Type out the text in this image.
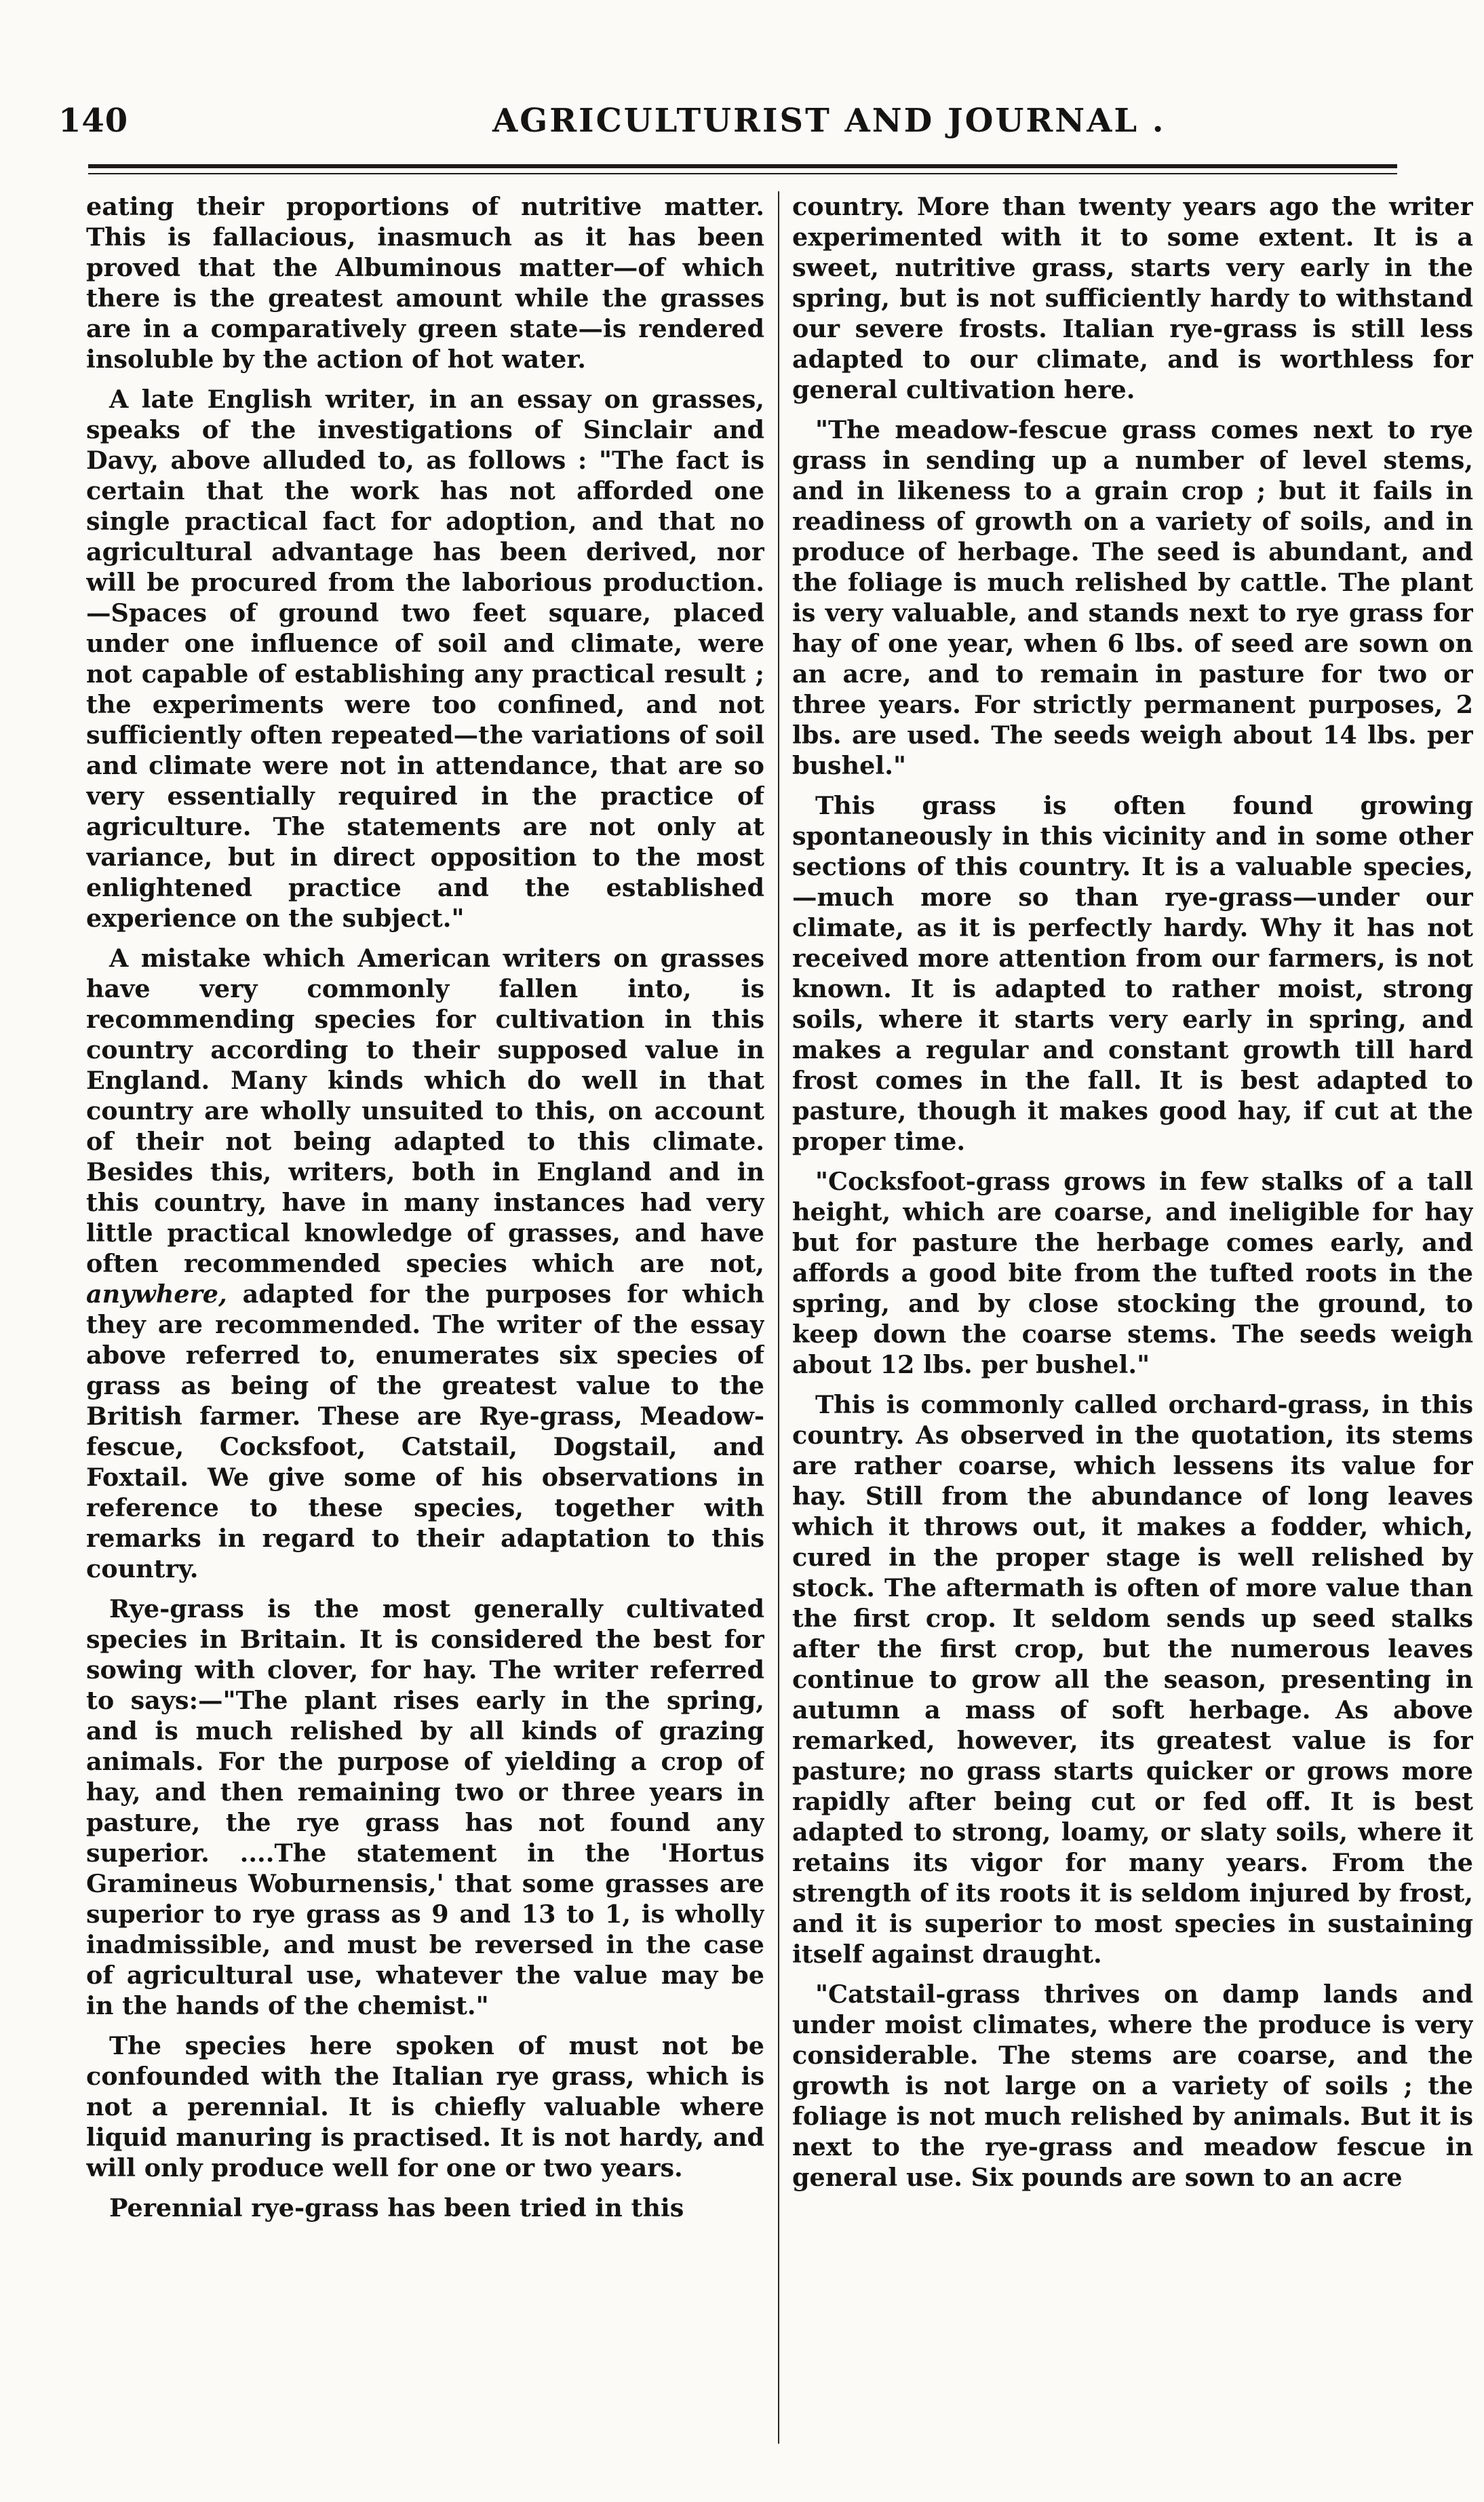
140	AGRICULTURIST AND JOURNAL .

eating their proportions of nutritive matter. This is fallacious, inasmuch as it has been proved that the Albuminous matter—of which there is the greatest amount while the grasses are in a comparatively green state—is rendered insoluble by the action of hot water.

A late English writer, in an essay on grasses, speaks of the investigations of Sinclair and Davy, above alluded to, as follows : "The fact is certain that the work has not afforded one single practical fact for adoption, and that no agricultural advantage has been derived, nor will be procured from the laborious production.—Spaces of ground two feet square, placed under one influence of soil and climate, were not capable of establishing any practical result ; the experiments were too confined, and not sufficiently often repeated—the variations of soil and climate were not in attendance, that are so very essentially required in the practice of agriculture. The statements are not only at variance, but in direct opposition to the most enlightened practice and the established experience on the subject."

A mistake which American writers on grasses have very commonly fallen into, is recommending species for cultivation in this country according to their supposed value in England. Many kinds which do well in that country are wholly unsuited to this, on account of their not being adapted to this climate. Besides this, writers, both in England and in this country, have in many instances had very little practical knowledge of grasses, and have often recommended species which are not, anywhere, adapted for the purposes for which they are recommended. The writer of the essay above referred to, enumerates six species of grass as being of the greatest value to the British farmer. These are Rye-grass, Meadow-fescue, Cocksfoot, Catstail, Dogstail, and Foxtail. We give some of his observations in reference to these species, together with remarks in regard to their adaptation to this country.

Rye-grass is the most generally cultivated species in Britain. It is considered the best for sowing with clover, for hay. The writer referred to says:—"The plant rises early in the spring, and is much relished by all kinds of grazing animals. For the purpose of yielding a crop of hay, and then remaining two or three years in pasture, the rye grass has not found any superior. ....The statement in the 'Hortus Gramineus Woburnensis,' that some grasses are superior to rye grass as 9 and 13 to 1, is wholly inadmissible, and must be reversed in the case of agricultural use, whatever the value may be in the hands of the chemist."

The species here spoken of must not be confounded with the Italian rye grass, which is not a perennial. It is chiefly valuable where liquid manuring is practised. It is not hardy, and will only produce well for one or two years.

Perennial rye-grass has been tried in this

country. More than twenty years ago the writer experimented with it to some extent. It is a sweet, nutritive grass, starts very early in the spring, but is not sufficiently hardy to withstand our severe frosts. Italian rye-grass is still less adapted to our climate, and is worthless for general cultivation here.

"The meadow-fescue grass comes next to rye grass in sending up a number of level stems, and in likeness to a grain crop ; but it fails in readiness of growth on a variety of soils, and in produce of herbage. The seed is abundant, and the foliage is much relished by cattle. The plant is very valuable, and stands next to rye grass for hay of one year, when 6 lbs. of seed are sown on an acre, and to remain in pasture for two or three years. For strictly permanent purposes, 2 lbs. are used. The seeds weigh about 14 lbs. per bushel."

This grass is often found growing spontaneously in this vicinity and in some other sections of this country. It is a valuable species,—much more so than rye-grass—under our climate, as it is perfectly hardy. Why it has not received more attention from our farmers, is not known. It is adapted to rather moist, strong soils, where it starts very early in spring, and makes a regular and constant growth till hard frost comes in the fall. It is best adapted to pasture, though it makes good hay, if cut at the proper time.

"Cocksfoot-grass grows in few stalks of a tall height, which are coarse, and ineligible for hay but for pasture the herbage comes early, and affords a good bite from the tufted roots in the spring, and by close stocking the ground, to keep down the coarse stems. The seeds weigh about 12 lbs. per bushel."

This is commonly called orchard-grass, in this country. As observed in the quotation, its stems are rather coarse, which lessens its value for hay. Still from the abundance of long leaves which it throws out, it makes a fodder, which, cured in the proper stage is well relished by stock. The aftermath is often of more value than the first crop. It seldom sends up seed stalks after the first crop, but the numerous leaves continue to grow all the season, presenting in autumn a mass of soft herbage. As above remarked, however, its greatest value is for pasture; no grass starts quicker or grows more rapidly after being cut or fed off. It is best adapted to strong, loamy, or slaty soils, where it retains its vigor for many years. From the strength of its roots it is seldom injured by frost, and it is superior to most species in sustaining itself against draught.

"Catstail-grass thrives on damp lands and under moist climates, where the produce is very considerable. The stems are coarse, and the growth is not large on a variety of soils ; the foliage is not much relished by animals. But it is next to the rye-grass and meadow fescue in general use. Six pounds are sown to an acre
